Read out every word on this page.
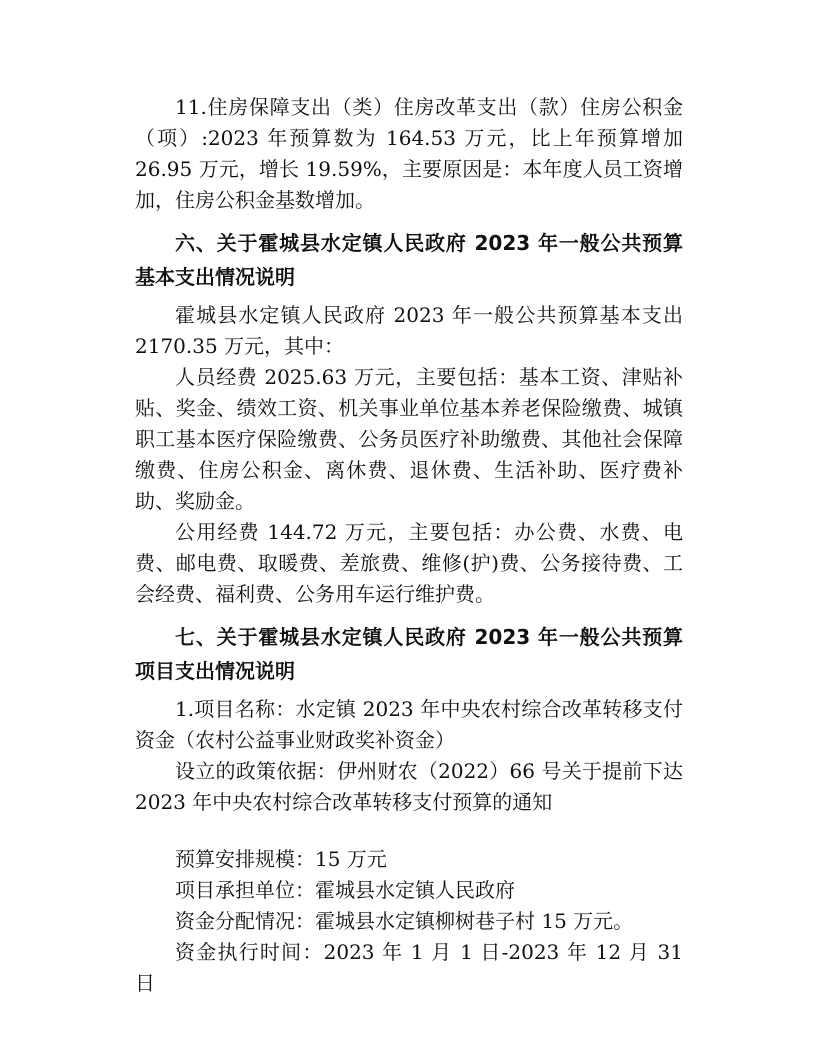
11.住房保障支出（类）住房改革支出（款）住房公积金（项）:2023 年预算数为 164.53 万元，比上年预算增加 26.95 万元，增长 19.59%，主要原因是：本年度人员工资增加，住房公积金基数增加。

六、关于霍城县水定镇人民政府 2023 年一般公共预算基本支出情况说明

霍城县水定镇人民政府 2023 年一般公共预算基本支出 2170.35 万元，其中：

人员经费 2025.63 万元，主要包括：基本工资、津贴补贴、奖金、绩效工资、机关事业单位基本养老保险缴费、城镇职工基本医疗保险缴费、公务员医疗补助缴费、其他社会保障缴费、住房公积金、离休费、退休费、生活补助、医疗费补助、奖励金。

公用经费 144.72 万元，主要包括：办公费、水费、电费、邮电费、取暖费、差旅费、维修(护)费、公务接待费、工会经费、福利费、公务用车运行维护费。

七、关于霍城县水定镇人民政府 2023 年一般公共预算项目支出情况说明

1.项目名称：水定镇 2023 年中央农村综合改革转移支付资金（农村公益事业财政奖补资金）

设立的政策依据：伊州财农（2022）66 号关于提前下达 2023 年中央农村综合改革转移支付预算的通知

预算安排规模：15 万元

项目承担单位：霍城县水定镇人民政府

资金分配情况：霍城县水定镇柳树巷子村 15 万元。

资金执行时间：2023 年 1 月 1 日-2023 年 12 月 31 日
